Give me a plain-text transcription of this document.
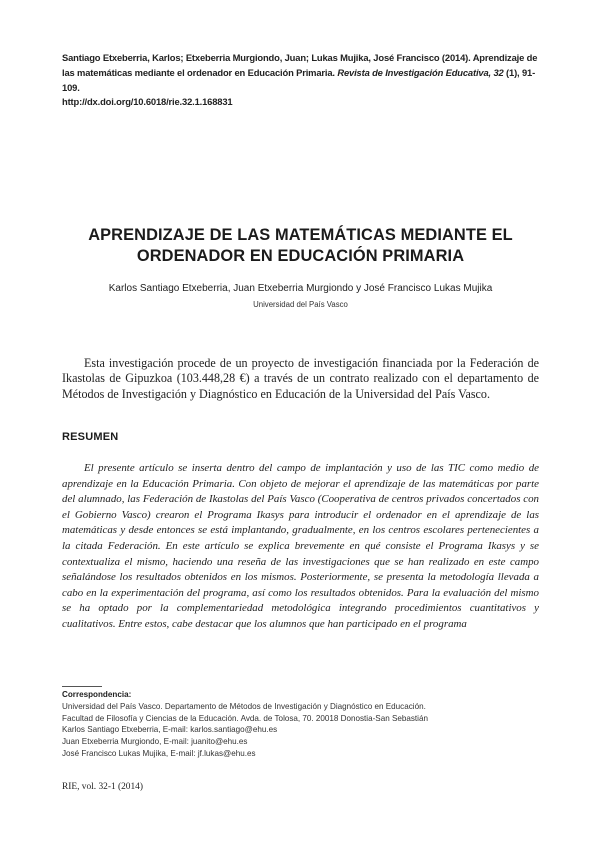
Santiago Etxeberria, Karlos; Etxeberria Murgiondo, Juan; Lukas Mujika, José Francisco (2014). Aprendizaje de las matemáticas mediante el ordenador en Educación Primaria. Revista de Investigación Educativa, 32 (1), 91-109.
http://dx.doi.org/10.6018/rie.32.1.168831
APRENDIZAJE DE LAS MATEMÁTICAS MEDIANTE EL
ORDENADOR EN EDUCACIÓN PRIMARIA
Karlos Santiago Etxeberria, Juan Etxeberria Murgiondo y José Francisco Lukas Mujika
Universidad del País Vasco
Esta investigación procede de un proyecto de investigación financiada por la Federación de Ikastolas de Gipuzkoa (103.448,28 €) a través de un contrato realizado con el departamento de Métodos de Investigación y Diagnóstico en Educación de la Universidad del País Vasco.
RESUMEN
El presente artículo se inserta dentro del campo de implantación y uso de las TIC como medio de aprendizaje en la Educación Primaria. Con objeto de mejorar el aprendizaje de las matemáticas por parte del alumnado, las Federación de Ikastolas del País Vasco (Cooperativa de centros privados concertados con el Gobierno Vasco) crearon el Programa Ikasys para introducir el ordenador en el aprendizaje de las matemáticas y desde entonces se está implantando, gradualmente, en los centros escolares pertenecientes a la citada Federación. En este artículo se explica brevemente en qué consiste el Programa Ikasys y se contextualiza el mismo, haciendo una reseña de las investigaciones que se han realizado en este campo señalándose los resultados obtenidos en los mismos. Posteriormente, se presenta la metodología llevada a cabo en la experimentación del programa, así como los resultados obtenidos. Para la evaluación del mismo se ha optado por la complementariedad metodológica integrando procedimientos cuantitativos y cualitativos. Entre estos, cabe destacar que los alumnos que han participado en el programa
Correspondencia:
Universidad del País Vasco. Departamento de Métodos de Investigación y Diagnóstico en Educación.
Facultad de Filosofía y Ciencias de la Educación. Avda. de Tolosa, 70. 20018 Donostia-San Sebastián
Karlos Santiago Etxeberria, E-mail: karlos.santiago@ehu.es
Juan Etxeberria Murgiondo, E-mail: juanito@ehu.es
José Francisco Lukas Mujika, E-mail: jf.lukas@ehu.es
RIE, vol. 32-1 (2014)
